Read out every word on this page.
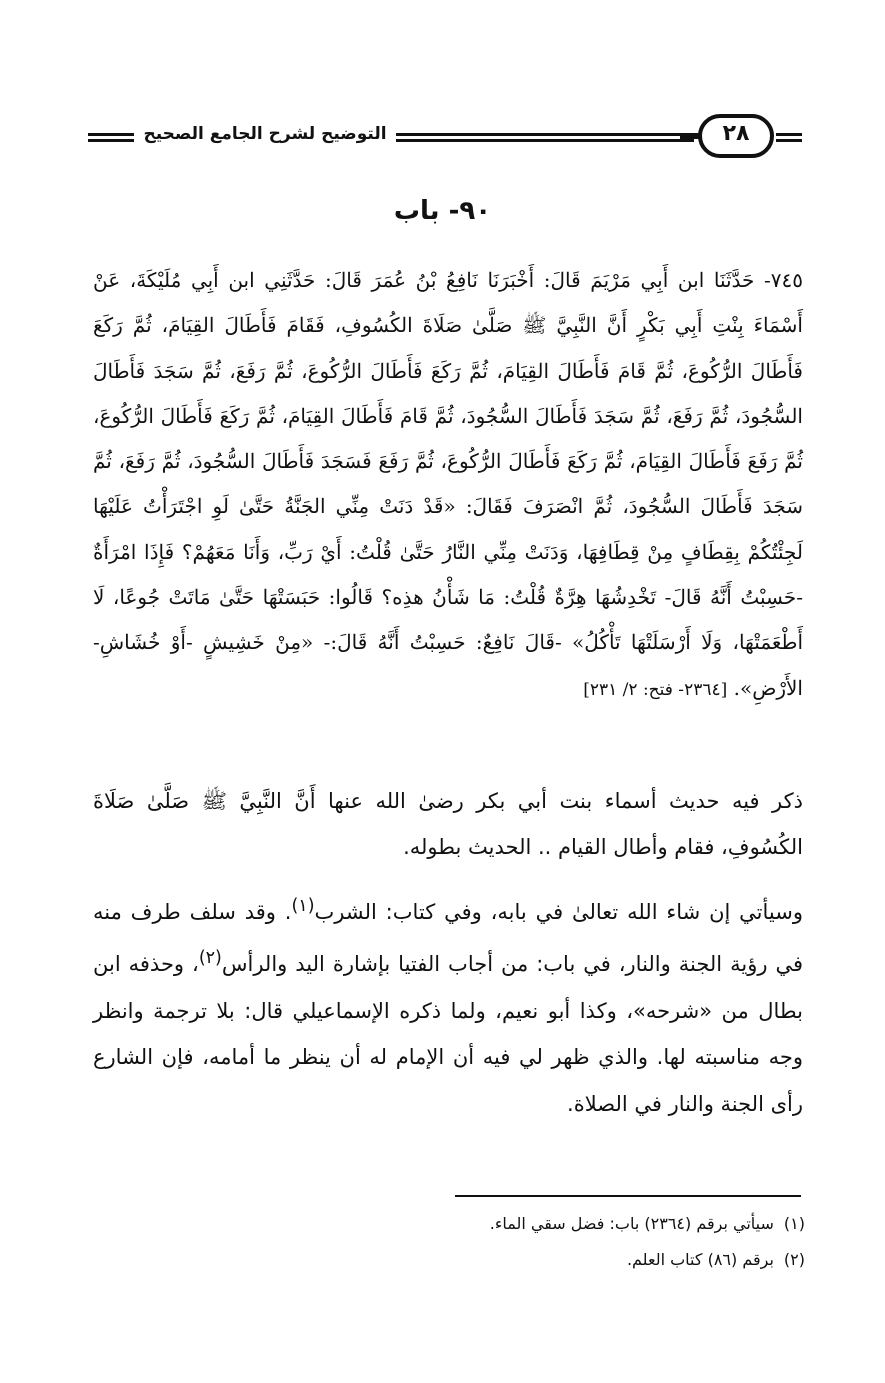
التوضيح لشرح الجامع الصحيح	٢٨
٩٠- باب
٧٤٥- حَدَّثَنَا ابن أَبِي مَرْيَمَ قَالَ: أَخْبَرَنَا نَافِعُ بْنُ عُمَرَ قَالَ: حَدَّثَنِي ابن أَبِي مُلَيْكَةَ، عَنْ أَسْمَاءَ بِنْتِ أَبِي بَكْرٍ أَنَّ النَّبِيَّ ﷺ صَلَّىٰ صَلَاةَ الكُسُوفِ، فَقَامَ فَأَطَالَ القِيَامَ، ثُمَّ رَكَعَ فَأَطَالَ الرُّكُوعَ، ثُمَّ قَامَ فَأَطَالَ القِيَامَ، ثُمَّ رَكَعَ فَأَطَالَ الرُّكُوعَ، ثُمَّ رَفَعَ، ثُمَّ سَجَدَ فَأَطَالَ السُّجُودَ، ثُمَّ رَفَعَ، ثُمَّ سَجَدَ فَأَطَالَ السُّجُودَ، ثُمَّ قَامَ فَأَطَالَ القِيَامَ، ثُمَّ رَكَعَ فَأَطَالَ الرُّكُوعَ، ثُمَّ رَفَعَ فَأَطَالَ القِيَامَ، ثُمَّ رَكَعَ فَأَطَالَ الرُّكُوعَ، ثُمَّ رَفَعَ فَسَجَدَ فَأَطَالَ السُّجُودَ، ثُمَّ رَفَعَ، ثُمَّ سَجَدَ فَأَطَالَ السُّجُودَ، ثُمَّ انْصَرَفَ فَقَالَ: «قَدْ دَنَتْ مِنِّي الجَنَّةُ حَتَّىٰ لَوِ اجْتَرَأْتُ عَلَيْهَا لَجِئْتُكُمْ بِقِطَافٍ مِنْ قِطَافِهَا، وَدَنَتْ مِنِّي النَّارُ حَتَّىٰ قُلْتُ: أَيْ رَبِّ، وَأَنَا مَعَهُمْ؟ فَإِذَا امْرَأَةٌ -حَسِبْتُ أَنَّهُ قَالَ- تَخْدِشُهَا هِرَّةٌ قُلْتُ: مَا شَأْنُ هذِه؟ قَالُوا: حَبَسَتْهَا حَتَّىٰ مَاتَتْ جُوعًا، لَا أَطْعَمَتْهَا، وَلَا أَرْسَلَتْهَا تَأْكُلُ» -قَالَ نَافِعٌ: حَسِبْتُ أَنَّهُ قَالَ:- «مِنْ خَشِيشٍ -أَوْ خُشَاشِ- الأَرْضِ». [٢٣٦٤- فتح: ٢/ ٢٣١]
ذكر فيه حديث أسماء بنت أبي بكر رضىٰ الله عنها أَنَّ النَّبِيَّ ﷺ صَلَّىٰ صَلَاةَ الكُسُوفِ، فقام وأطال القيام .. الحديث بطوله.
وسيأتي إن شاء الله تعالىٰ في بابه، وفي كتاب: الشرب$^{(١)}$. وقد سلف طرف منه في رؤية الجنة والنار، في باب: من أجاب الفتيا بإشارة اليد والرأس$^{(٢)}$، وحذفه ابن بطال من «شرحه»، وكذا أبو نعيم، ولما ذكره الإسماعيلي قال: بلا ترجمة وانظر وجه مناسبته لها. والذي ظهر لي فيه أن الإمام له أن ينظر ما أمامه، فإن الشارع رأى الجنة والنار في الصلاة.
(١)سيأتي برقم (٢٣٦٤) باب: فضل سقي الماء.
(٢)برقم (٨٦) كتاب العلم.
